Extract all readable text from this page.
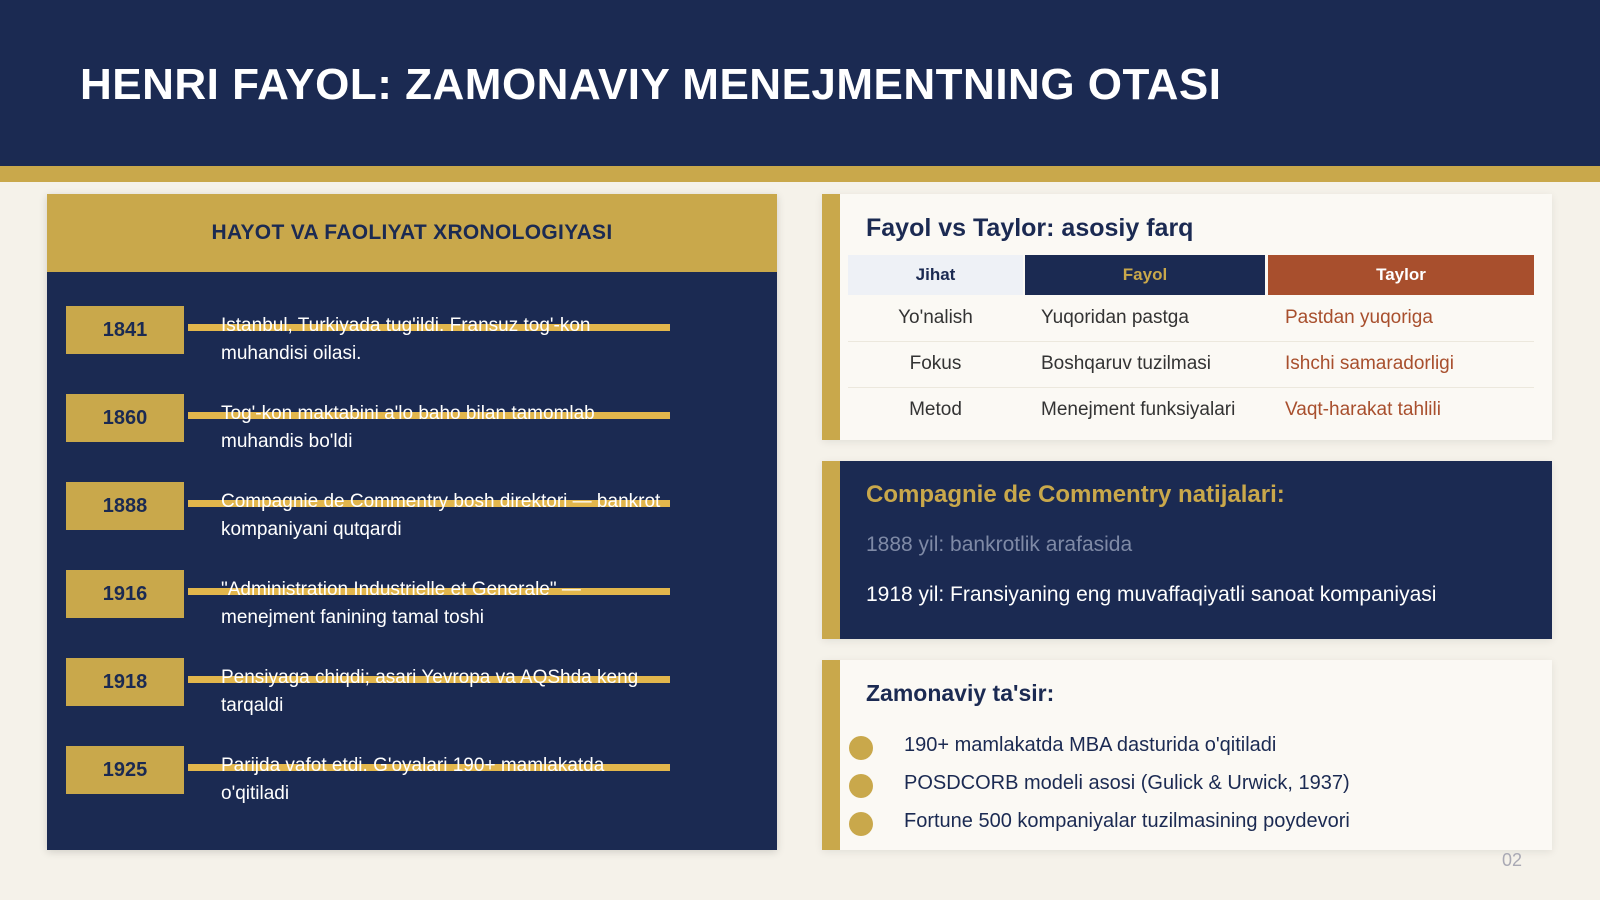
HENRI FAYOL: ZAMONAVIY MENEJMENTNING OTASI
HAYOT VA FAOLIYAT XRONOLOGIYASI
1841	Istanbul, Turkiyada tug'ildi. Fransuz tog'-kon
muhandisi oilasi.
1860	Tog'-kon maktabini a'lo baho bilan tamomlab
muhandis bo'ldi
1888	Compagnie de Commentry bosh direktori — bankrot
kompaniyani qutqardi
1916	"Administration Industrielle et Generale" —
menejment fanining tamal toshi
1918	Pensiyaga chiqdi; asari Yevropa va AQShda keng
tarqaldi
1925	Parijda vafot etdi. G'oyalari 190+ mamlakatda
o'qitiladi
Fayol vs Taylor: asosiy farq
Jihat	Fayol	Taylor
Yo'nalish	Yuqoridan pastga	Pastdan yuqoriga
Fokus	Boshqaruv tuzilmasi	Ishchi samaradorligi
Metod	Menejment funksiyalari	Vaqt-harakat tahlili
Compagnie de Commentry natijalari:
1888 yil: bankrotlik arafasida
1918 yil: Fransiyaning eng muvaffaqiyatli sanoat kompaniyasi
Zamonaviy ta'sir:
190+ mamlakatda MBA dasturida o'qitiladi
POSDCORB modeli asosi (Gulick & Urwick, 1937)
Fortune 500 kompaniyalar tuzilmasining poydevori
02
